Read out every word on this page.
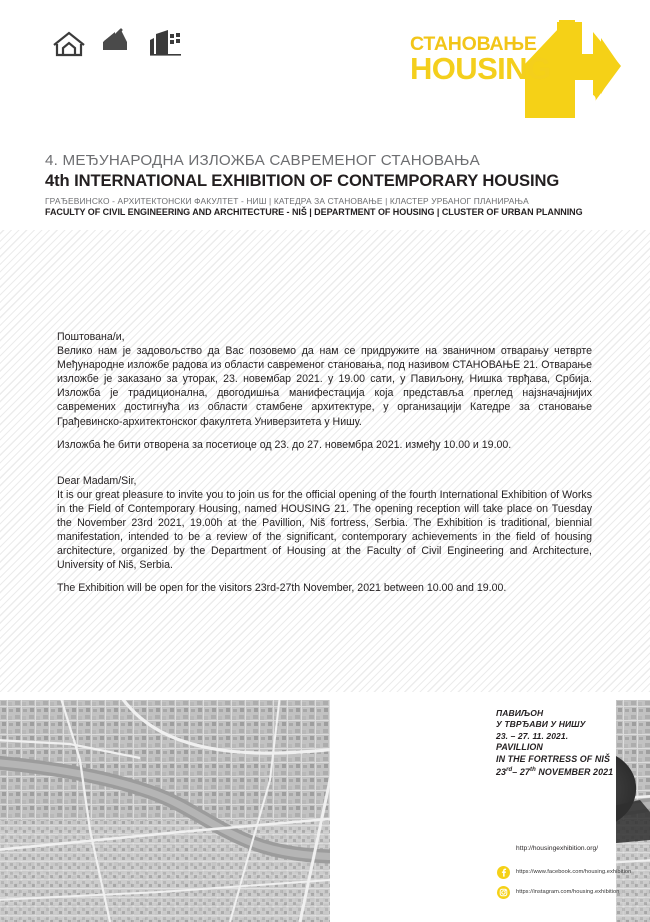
СТАНОВАЊЕ
HOUSING
21
4. МЕЂУНАРОДНА ИЗЛОЖБА САВРЕМЕНОГ СТАНОВАЊА
4th INTERNATIONAL EXHIBITION OF CONTEMPORARY HOUSING
ГРАЂЕВИНСКО - АРХИТЕКТОНСКИ ФАКУЛТЕТ - НИШ | КАТЕДРА ЗА СТАНОВАЊЕ | КЛАСТЕР УРБАНОГ ПЛАНИРАЊА
FACULTY OF CIVIL ENGINEERING AND ARCHITECTURE - NIŠ | DEPARTMENT OF HOUSING | CLUSTER OF URBAN PLANNING
Поштована/и,
Велико нам је задовољство да Вас позовемо да нам се придружите на званичном отварању четврте Међународне изложбе радова из области савременог становања, под називом СТАНОВАЊЕ 21. Отварање изложбе је заказано за уторак, 23. новембар 2021. у 19.00 сати, у Павиљону, Нишка тврђава, Србија. Изложба је традиционална, двогодишња манифестација која представља преглед најзначајнијих савремених достигнућа из области стамбене архитектуре, у организацији Катедре за становање Грађевинско-архитектонског факултета Универзитета у Нишу.
Изложба ће бити отворена за посетиоце од 23. до 27. новембра 2021. између 10.00 и 19.00.
Dear Madam/Sir,
It is our great pleasure to invite you to join us for the official opening of the fourth International Exhibition of Works in the Field of Contemporary Housing, named HOUSING 21. The opening reception will take place on Tuesday the November 23rd 2021, 19.00h at the Pavillion, Niš fortress, Serbia. The Exhibition is traditional, biennial manifestation, intended to be a review of the significant, contemporary achievements in the field of housing architecture, organized by the Department of Housing at the Faculty of Civil Engineering and Architecture, University of Niš, Serbia.
The Exhibition will be open for the visitors 23rd-27th November, 2021 between 10.00 and 19.00.
ПАВИЉОН
У ТВРЂАВИ У НИШУ
23. – 27. 11. 2021.
PAVILLION
IN THE FORTRESS OF NIŠ
23rd– 27th NOVEMBER 2021
http://housingexhibition.org/
https://www.facebook.com/housing.exhibition
https://instagram.com/housing.exhibition
